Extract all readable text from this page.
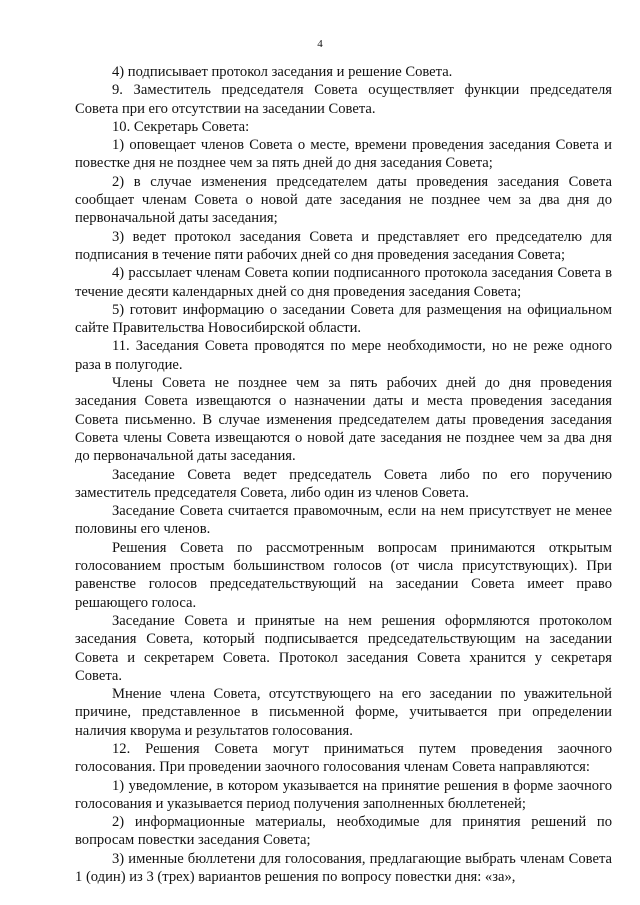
4

4) подписывает протокол заседания и решение Совета.

9. Заместитель председателя Совета осуществляет функции председателя Совета при его отсутствии на заседании Совета.

10. Секретарь Совета:

1) оповещает членов Совета о месте, времени проведения заседания Совета и повестке дня не позднее чем за пять дней до дня заседания Совета;

2) в случае изменения председателем даты проведения заседания Совета сообщает членам Совета о новой дате заседания не позднее чем за два дня до первоначальной даты заседания;

3) ведет протокол заседания Совета и представляет его председателю для подписания в течение пяти рабочих дней со дня проведения заседания Совета;

4) рассылает членам Совета копии подписанного протокола заседания Совета в течение десяти календарных дней со дня проведения заседания Совета;

5) готовит информацию о заседании Совета для размещения на официальном сайте Правительства Новосибирской области.

11. Заседания Совета проводятся по мере необходимости, но не реже одного раза в полугодие.

Члены Совета не позднее чем за пять рабочих дней до дня проведения заседания Совета извещаются о назначении даты и места проведения заседания Совета письменно. В случае изменения председателем даты проведения заседания Совета члены Совета извещаются о новой дате заседания не позднее чем за два дня до первоначальной даты заседания.

Заседание Совета ведет председатель Совета либо по его поручению заместитель председателя Совета, либо один из членов Совета.

Заседание Совета считается правомочным, если на нем присутствует не менее половины его членов.

Решения Совета по рассмотренным вопросам принимаются открытым голосованием простым большинством голосов (от числа присутствующих). При равенстве голосов председательствующий на заседании Совета имеет право решающего голоса.

Заседание Совета и принятые на нем решения оформляются протоколом заседания Совета, который подписывается председательствующим на заседании Совета и секретарем Совета. Протокол заседания Совета хранится у секретаря Совета.

Мнение члена Совета, отсутствующего на его заседании по уважительной причине, представленное в письменной форме, учитывается при определении наличия кворума и результатов голосования.

12. Решения Совета могут приниматься путем проведения заочного голосования. При проведении заочного голосования членам Совета направляются:

1) уведомление, в котором указывается на принятие решения в форме заочного голосования и указывается период получения заполненных бюллетеней;

2) информационные материалы, необходимые для принятия решений по вопросам повестки заседания Совета;

3) именные бюллетени для голосования, предлагающие выбрать членам Совета 1 (один) из 3 (трех) вариантов решения по вопросу повестки дня: «за»,
